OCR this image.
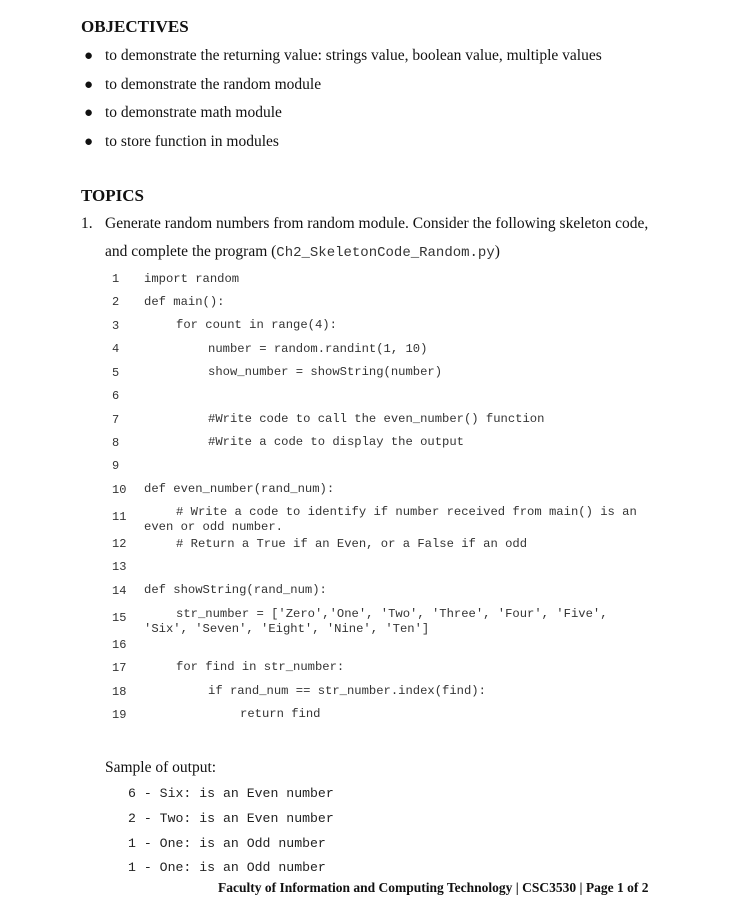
OBJECTIVES
● to demonstrate the returning value: strings value, boolean value, multiple values
● to demonstrate the random module
● to demonstrate math module
● to store function in modules
TOPICS
1. Generate random numbers from random module. Consider the following skeleton code,
and complete the program (Ch2_SkeletonCode_Random.py)
1	import random
2	def main():
3	for count in range(4):
4	number = random.randint(1, 10)
5	show_number = showString(number)
6
7	#Write code to call the even_number() function
8	#Write a code to display the output
9
10	def even_number(rand_num):
11	# Write a code to identify if number received from main() is an
even or odd number.
12	# Return a True if an Even, or a False if an odd
13
14	def showString(rand_num):
15	str_number = ['Zero','One', 'Two', 'Three', 'Four', 'Five',
'Six', 'Seven', 'Eight', 'Nine', 'Ten']
16
17	for find in str_number:
18	if rand_num == str_number.index(find):
19	return find
Sample of output:
6 - Six: is an Even number
2 - Two: is an Even number
1 - One: is an Odd number
1 - One: is an Odd number
Faculty of Information and Computing Technology | CSC3530 | Page 1 of 2
